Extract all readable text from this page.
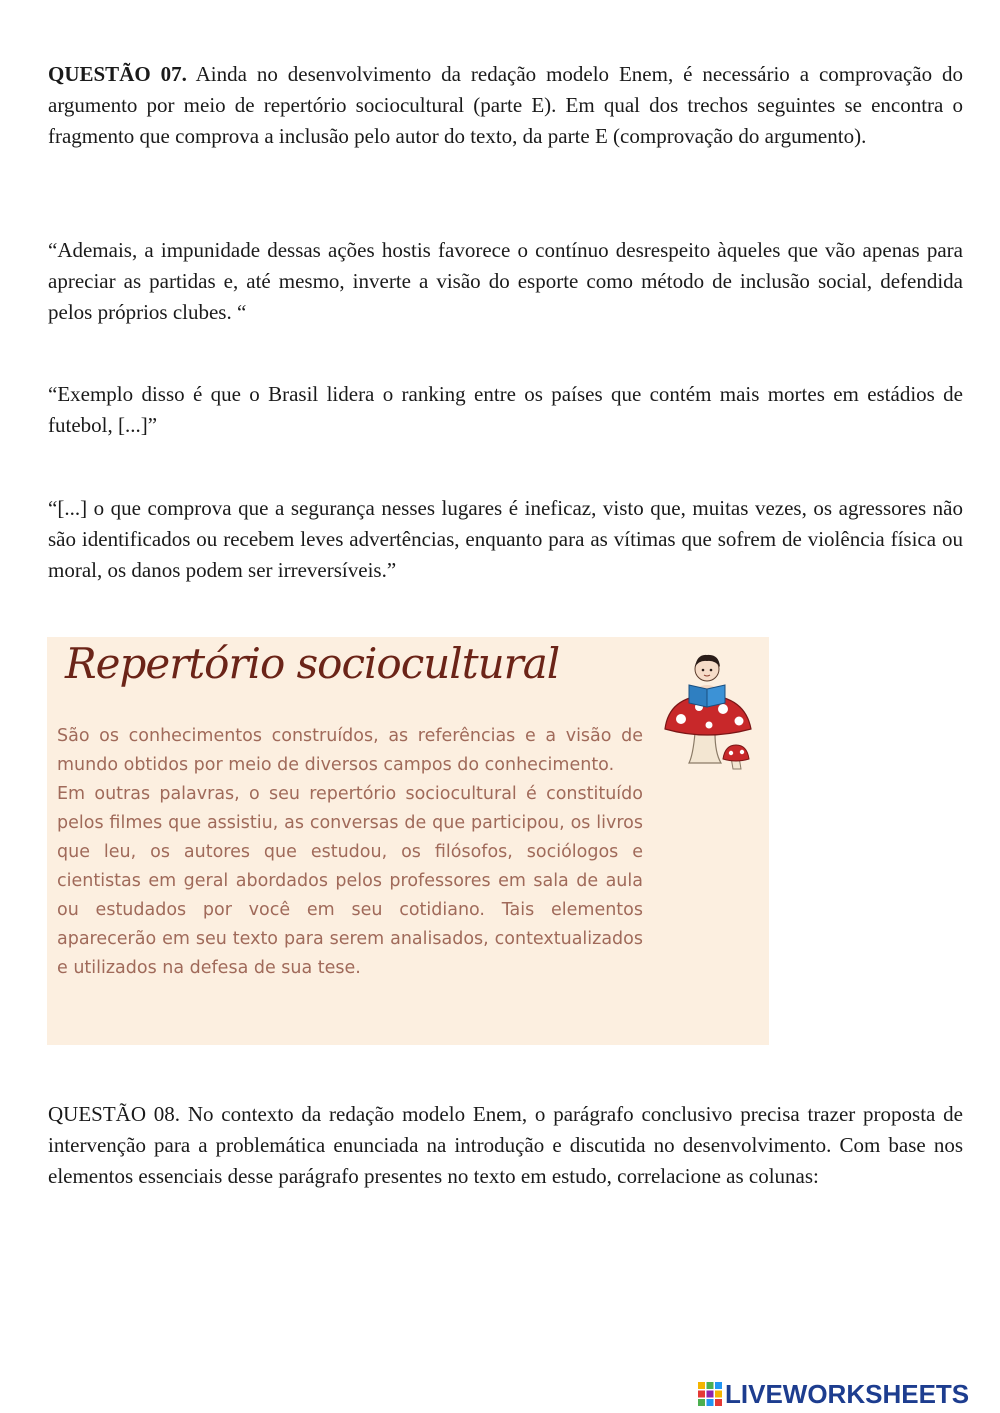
QUESTÃO 07. Ainda no desenvolvimento da redação modelo Enem, é necessário a comprovação do argumento por meio de repertório sociocultural (parte E). Em qual dos trechos seguintes se encontra o fragmento que comprova a inclusão pelo autor do texto, da parte E (comprovação do argumento).

“Ademais, a impunidade dessas ações hostis favorece o contínuo desrespeito àqueles que vão apenas para apreciar as partidas e, até mesmo, inverte a visão do esporte como método de inclusão social, defendida pelos próprios clubes. “

“Exemplo disso é que o Brasil lidera o ranking entre os países que contém mais mortes em estádios de futebol, [...]”

“[...] o que comprova que a segurança nesses lugares é ineficaz, visto que, muitas vezes, os agressores não são identificados ou recebem leves advertências, enquanto para as vítimas que sofrem de violência física ou moral, os danos podem ser irreversíveis.”

Repertório sociocultural

São os conhecimentos construídos, as referências e a visão de mundo obtidos por meio de diversos campos do conhecimento.
Em outras palavras, o seu repertório sociocultural é constituído pelos filmes que assistiu, as conversas de que participou, os livros que leu, os autores que estudou, os filósofos, sociólogos e cientistas em geral abordados pelos professores em sala de aula ou estudados por você em seu cotidiano. Tais elementos aparecerão em seu texto para serem analisados, contextualizados e utilizados na defesa de sua tese.

QUESTÃO 08. No contexto da redação modelo Enem, o parágrafo conclusivo precisa trazer proposta de intervenção para a problemática enunciada na introdução e discutida no desenvolvimento. Com base nos elementos essenciais desse parágrafo presentes no texto em estudo, correlacione as colunas:

LIVEWORKSHEETS
